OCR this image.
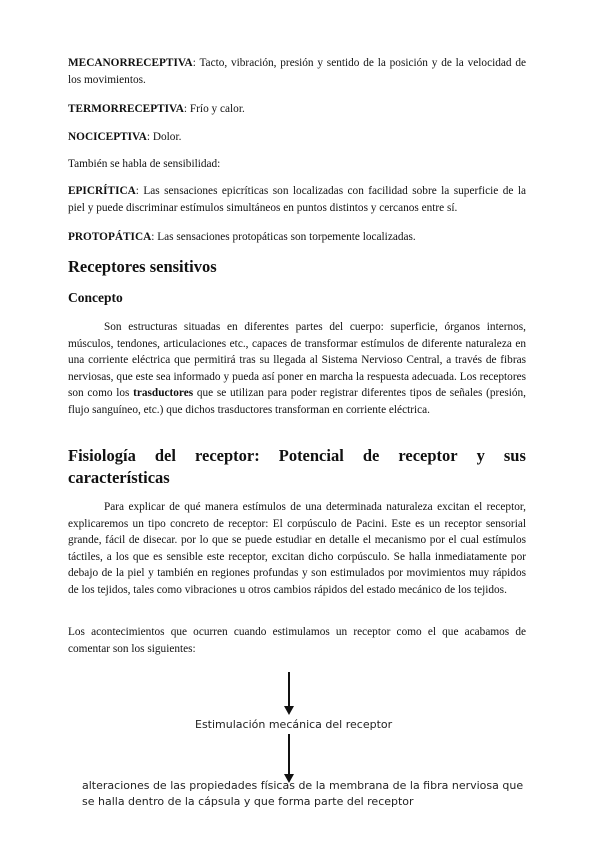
MECANORRECEPTIVA: Tacto, vibración, presión y sentido de la posición y de la velocidad de los movimientos.

TERMORRECEPTIVA: Frío y calor.

NOCICEPTIVA: Dolor.

También se habla de sensibilidad:

EPICRÍTICA: Las sensaciones epicríticas son localizadas con facilidad sobre la superficie de la piel y puede discriminar estímulos simultáneos en puntos distintos y cercanos entre sí.

PROTOPÁTICA: Las sensaciones protopáticas son torpemente localizadas.

Receptores sensitivos
Concepto

Son estructuras situadas en diferentes partes del cuerpo: superficie, órganos internos, músculos, tendones, articulaciones etc., capaces de transformar estímulos de diferente naturaleza en una corriente eléctrica que permitirá tras su llegada al Sistema Nervioso Central, a través de fibras nerviosas, que este sea informado y pueda así poner en marcha la respuesta adecuada. Los receptores son como los trasductores que se utilizan para poder registrar diferentes tipos de señales (presión, flujo sanguíneo, etc.) que dichos trasductores transforman en corriente eléctrica.

Fisiología del receptor: Potencial de receptor y sus
características

Para explicar de qué manera estímulos de una determinada naturaleza excitan el receptor, explicaremos un tipo concreto de receptor: El corpúsculo de Pacini. Este es un receptor sensorial grande, fácil de disecar. por lo que se puede estudiar en detalle el mecanismo por el cual estímulos táctiles, a los que es sensible este receptor, excitan dicho corpúsculo. Se halla inmediatamente por debajo de la piel y también en regiones profundas y son estimulados por movimientos muy rápidos de los tejidos, tales como vibraciones u otros cambios rápidos del estado mecánico de los tejidos.

Los acontecimientos que ocurren cuando estimulamos un receptor como el que acabamos de comentar son los siguientes:

Estimulación mecánica del receptor
alteraciones de las propiedades físicas de la membrana de la fibra nerviosa que
se halla dentro de la cápsula y que forma parte del receptor
